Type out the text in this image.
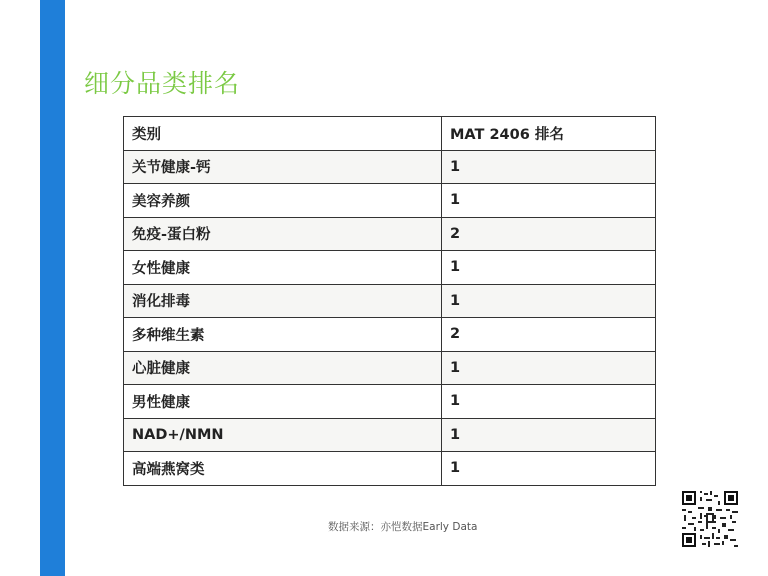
细分品类排名
类别	MAT 2406 排名
关节健康-钙	1
美容养颜	1
免疫-蛋白粉	2
女性健康	1
消化排毒	1
多种维生素	2
心脏健康	1
男性健康	1
NAD+/NMN	1
高端燕窝类	1
数据来源：亦恺数据Early Data
